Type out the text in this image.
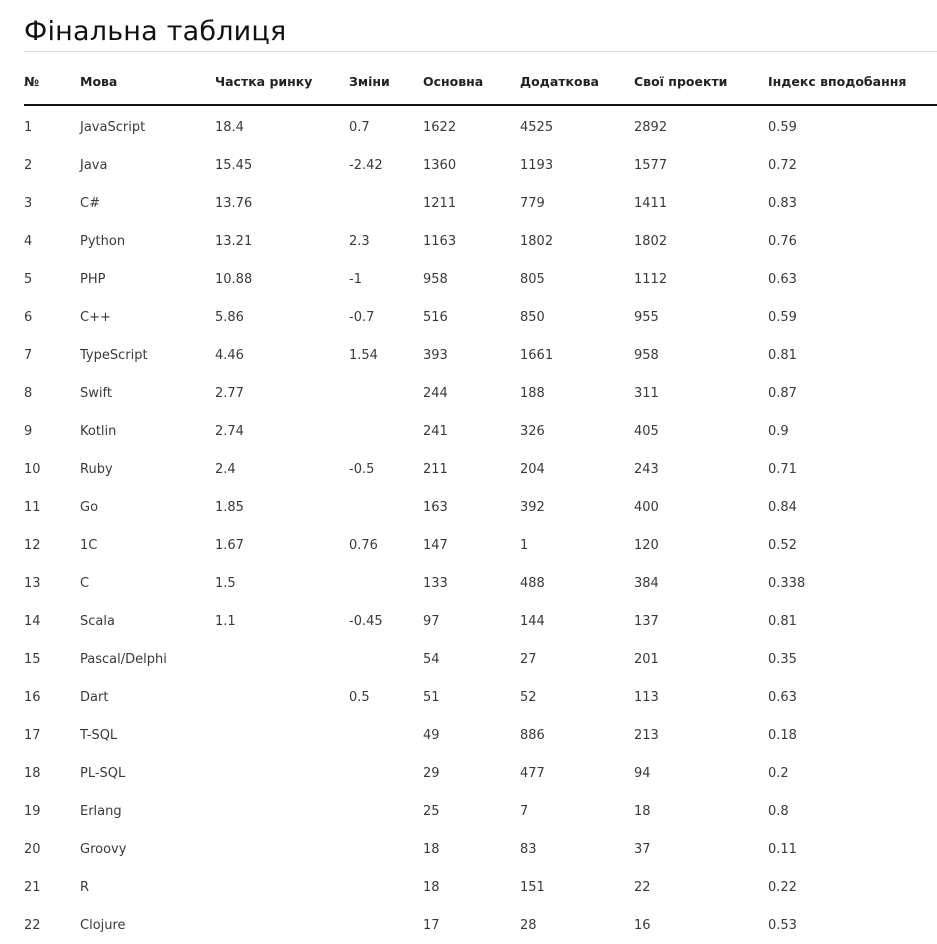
Фінальна таблиця
№	Мова	Частка ринку	Зміни	Основна	Додаткова	Свої проекти	Індекс вподобання
1	JavaScript	18.4	0.7	1622	4525	2892	0.59
2	Java	15.45	-2.42	1360	1193	1577	0.72
3	C#	13.76		1211	779	1411	0.83
4	Python	13.21	2.3	1163	1802	1802	0.76
5	PHP	10.88	-1	958	805	1112	0.63
6	C++	5.86	-0.7	516	850	955	0.59
7	TypeScript	4.46	1.54	393	1661	958	0.81
8	Swift	2.77		244	188	311	0.87
9	Kotlin	2.74		241	326	405	0.9
10	Ruby	2.4	-0.5	211	204	243	0.71
11	Go	1.85		163	392	400	0.84
12	1C	1.67	0.76	147	1	120	0.52
13	C	1.5		133	488	384	0.338
14	Scala	1.1	-0.45	97	144	137	0.81
15	Pascal/Delphi			54	27	201	0.35
16	Dart		0.5	51	52	113	0.63
17	T-SQL			49	886	213	0.18
18	PL-SQL			29	477	94	0.2
19	Erlang			25	7	18	0.8
20	Groovy			18	83	37	0.11
21	R			18	151	22	0.22
22	Clojure			17	28	16	0.53
